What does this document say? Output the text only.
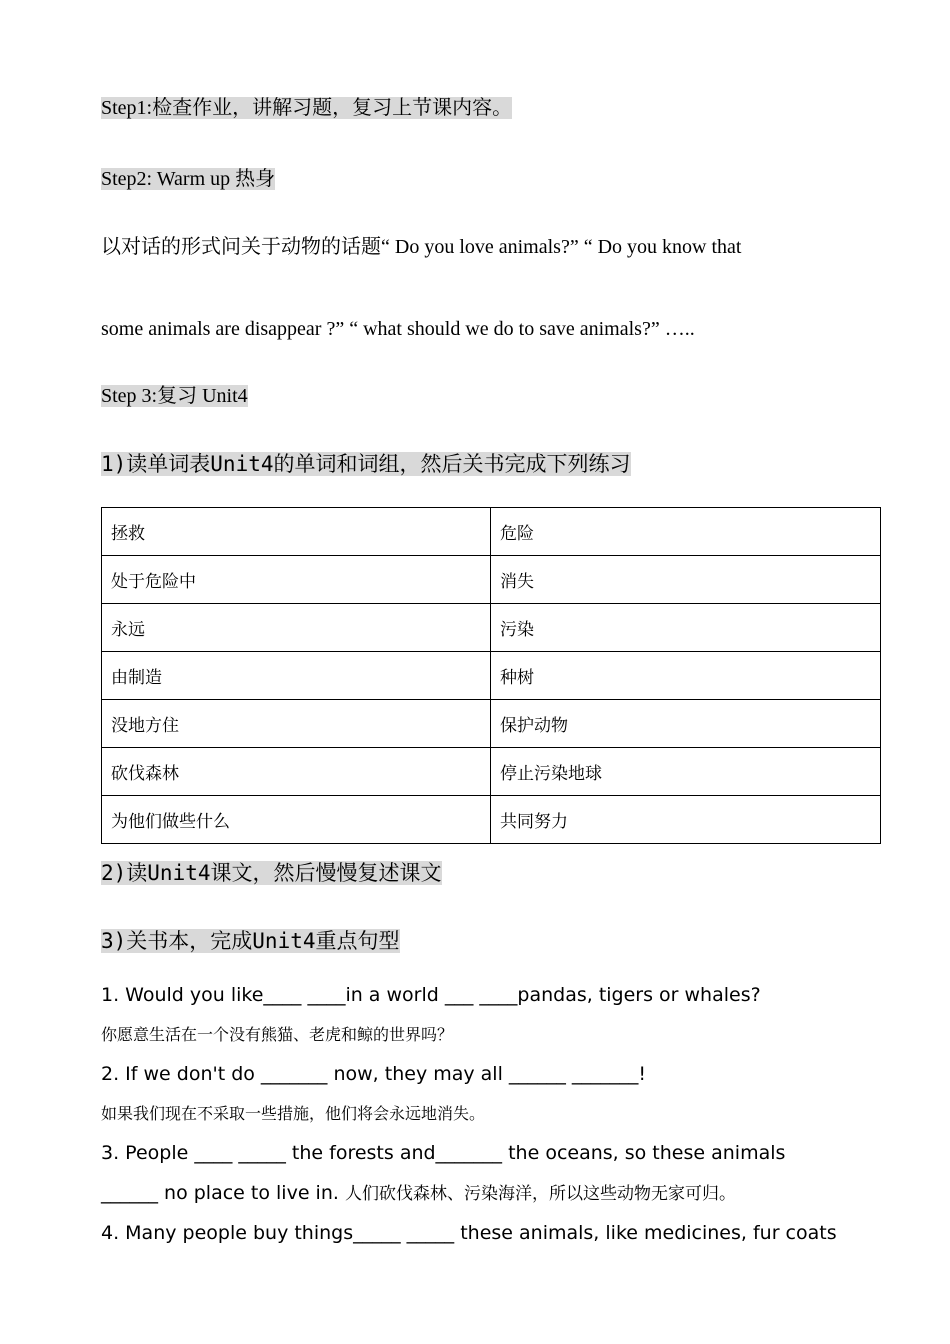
Step1:检查作业，讲解习题，复习上节课内容。
Step2: Warm up 热身
以对话的形式问关于动物的话题“ Do you love animals?” “ Do you know that
some animals are disappear ?” “ what should we do to save animals?” …..
Step 3:复习 Unit4
1)读单词表Unit4的单词和词组，然后关书完成下列练习
拯救	危险
处于危险中	消失
永远	污染
由制造	种树
没地方住	保护动物
砍伐森林	停止污染地球
为他们做些什么	共同努力
2)读Unit4课文，然后慢慢复述课文
3)关书本，完成Unit4重点句型
1. Would you like____ ____in a world ___ ____pandas, tigers or whales?
你愿意生活在一个没有熊猫、老虎和鲸的世界吗？
2. If we don't do _______ now, they may all ______ _______!
如果我们现在不采取一些措施，他们将会永远地消失。
3. People ____ _____ the forests and_______ the oceans, so these animals
______ no place to live in. 人们砍伐森林、污染海洋，所以这些动物无家可归。
4. Many people buy things_____ _____ these animals, like medicines, fur coats
